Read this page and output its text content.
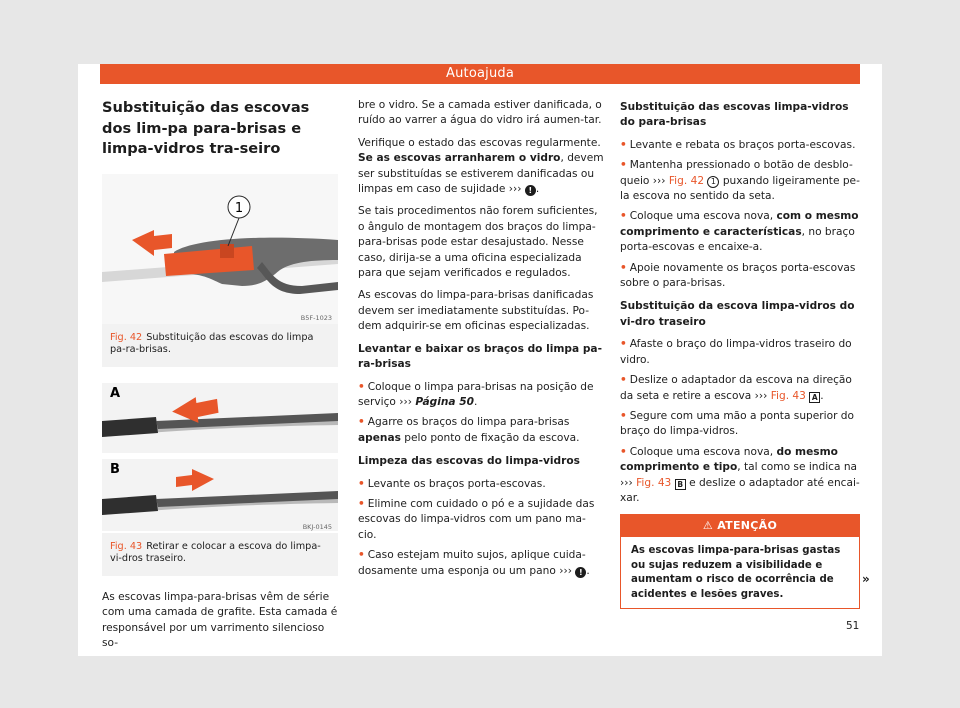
Autoajuda
Substituição das escovas dos lim-pa para-brisas e limpa-vidros tra-seiro
1
B5F-1023
Fig. 42 Substituição das escovas do limpa pa-ra-brisas.
A
B
BKJ-0145
Fig. 43 Retirar e colocar a escova do limpa-vi-dros traseiro.
As escovas limpa-para-brisas vêm de série com uma camada de grafite. Esta camada é responsável por um varrimento silencioso so-
bre o vidro. Se a camada estiver danificada, o ruído ao varrer a água do vidro irá aumen-tar.
Verifique o estado das escovas regularmente. Se as escovas arranharem o vidro, devem ser substituídas se estiverem danificadas ou limpas em caso de sujidade ››› ! .
Se tais procedimentos não forem suficientes, o ângulo de montagem dos braços do limpa-para-brisas pode estar desajustado. Nesse caso, dirija-se a uma oficina especializada para que sejam verificados e regulados.
As escovas do limpa-para-brisas danificadas devem ser imediatamente substituídas. Po-dem adquirir-se em oficinas especializadas.
Levantar e baixar os braços do limpa pa-ra-brisas
• Coloque o limpa para-brisas na posição de serviço ››› Página 50.
• Agarre os braços do limpa para-brisas apenas pelo ponto de fixação da escova.
Limpeza das escovas do limpa-vidros
• Levante os braços porta-escovas.
• Elimine com cuidado o pó e a sujidade das escovas do limpa-vidros com um pano ma-cio.
• Caso estejam muito sujos, aplique cuida-dosamente uma esponja ou um pano ››› ! .
Substituição das escovas limpa-vidros do para-brisas
• Levante e rebata os braços porta-escovas.
• Mantenha pressionado o botão de desblo-queio ››› Fig. 42 1 puxando ligeiramente pe-la escova no sentido da seta.
• Coloque uma escova nova, com o mesmo comprimento e características, no braço porta-escovas e encaixe-a.
• Apoie novamente os braços porta-escovas sobre o para-brisas.
Substituição da escova limpa-vidros do vi-dro traseiro
• Afaste o braço do limpa-vidros traseiro do vidro.
• Deslize o adaptador da escova na direção da seta e retire a escova ››› Fig. 43 A .
• Segure com uma mão a ponta superior do braço do limpa-vidros.
• Coloque uma escova nova, do mesmo comprimento e tipo, tal como se indica na ››› Fig. 43 B e deslize o adaptador até encai-xar.
⚠ ATENÇÃO
As escovas limpa-para-brisas gastas ou sujas reduzem a visibilidade e aumentam o risco de ocorrência de acidentes e lesões graves.
»
51
